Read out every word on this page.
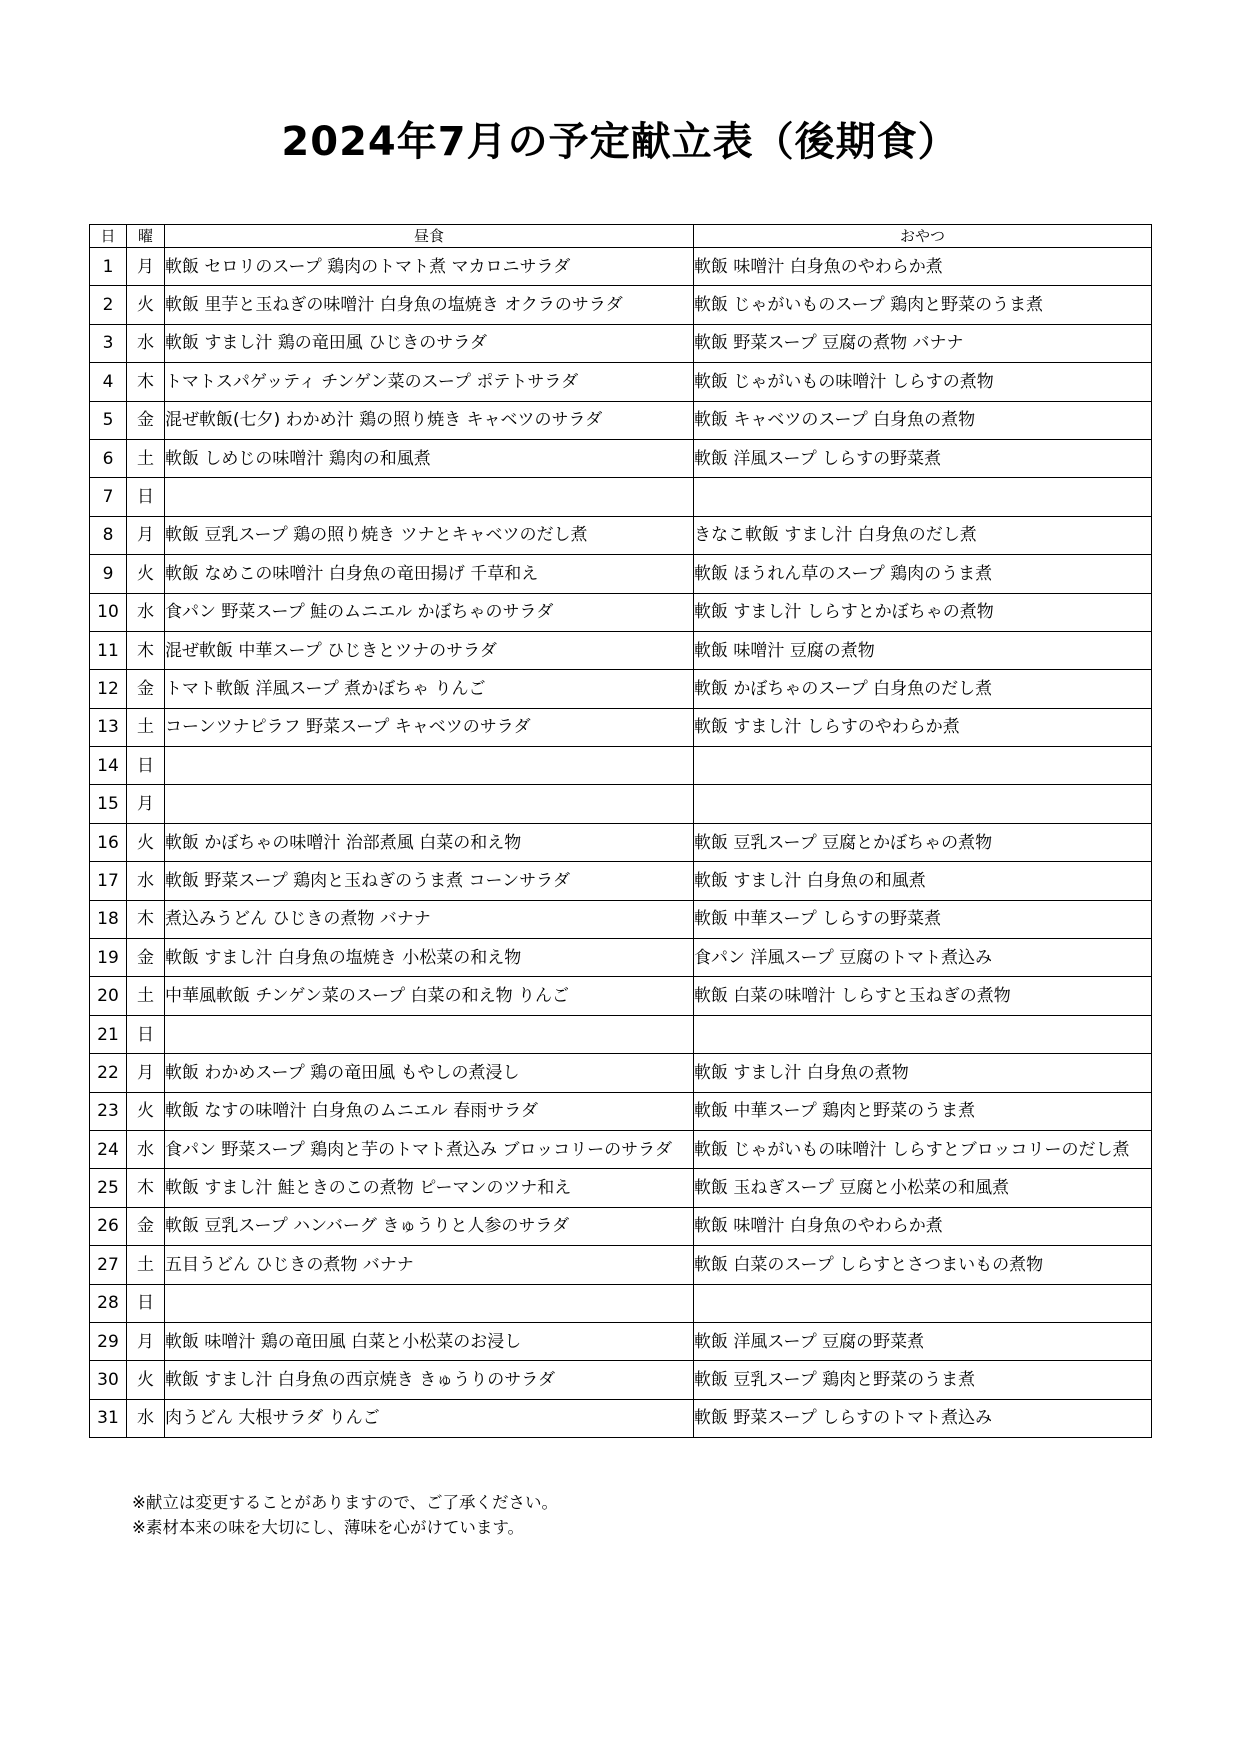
2024年7月の予定献立表（後期食）
日	曜	昼食	おやつ
1	月	軟飯 セロリのスープ 鶏肉のトマト煮 マカロニサラダ	軟飯 味噌汁 白身魚のやわらか煮
2	火	軟飯 里芋と玉ねぎの味噌汁 白身魚の塩焼き オクラのサラダ	軟飯 じゃがいものスープ 鶏肉と野菜のうま煮
3	水	軟飯 すまし汁 鶏の竜田風 ひじきのサラダ	軟飯 野菜スープ 豆腐の煮物 バナナ
4	木	トマトスパゲッティ チンゲン菜のスープ ポテトサラダ	軟飯 じゃがいもの味噌汁 しらすの煮物
5	金	混ぜ軟飯(七夕) わかめ汁 鶏の照り焼き キャベツのサラダ	軟飯 キャベツのスープ 白身魚の煮物
6	土	軟飯 しめじの味噌汁 鶏肉の和風煮	軟飯 洋風スープ しらすの野菜煮
7	日		
8	月	軟飯 豆乳スープ 鶏の照り焼き ツナとキャベツのだし煮	きなこ軟飯 すまし汁 白身魚のだし煮
9	火	軟飯 なめこの味噌汁 白身魚の竜田揚げ 千草和え	軟飯 ほうれん草のスープ 鶏肉のうま煮
10	水	食パン 野菜スープ 鮭のムニエル かぼちゃのサラダ	軟飯 すまし汁 しらすとかぼちゃの煮物
11	木	混ぜ軟飯 中華スープ ひじきとツナのサラダ	軟飯 味噌汁 豆腐の煮物
12	金	トマト軟飯 洋風スープ 煮かぼちゃ りんご	軟飯 かぼちゃのスープ 白身魚のだし煮
13	土	コーンツナピラフ 野菜スープ キャベツのサラダ	軟飯 すまし汁 しらすのやわらか煮
14	日		
15	月		
16	火	軟飯 かぼちゃの味噌汁 治部煮風 白菜の和え物	軟飯 豆乳スープ 豆腐とかぼちゃの煮物
17	水	軟飯 野菜スープ 鶏肉と玉ねぎのうま煮 コーンサラダ	軟飯 すまし汁 白身魚の和風煮
18	木	煮込みうどん ひじきの煮物 バナナ	軟飯 中華スープ しらすの野菜煮
19	金	軟飯 すまし汁 白身魚の塩焼き 小松菜の和え物	食パン 洋風スープ 豆腐のトマト煮込み
20	土	中華風軟飯 チンゲン菜のスープ 白菜の和え物 りんご	軟飯 白菜の味噌汁 しらすと玉ねぎの煮物
21	日		
22	月	軟飯 わかめスープ 鶏の竜田風 もやしの煮浸し	軟飯 すまし汁 白身魚の煮物
23	火	軟飯 なすの味噌汁 白身魚のムニエル 春雨サラダ	軟飯 中華スープ 鶏肉と野菜のうま煮
24	水	食パン 野菜スープ 鶏肉と芋のトマト煮込み ブロッコリーのサラダ	軟飯 じゃがいもの味噌汁 しらすとブロッコリーのだし煮
25	木	軟飯 すまし汁 鮭ときのこの煮物 ピーマンのツナ和え	軟飯 玉ねぎスープ 豆腐と小松菜の和風煮
26	金	軟飯 豆乳スープ ハンバーグ きゅうりと人参のサラダ	軟飯 味噌汁 白身魚のやわらか煮
27	土	五目うどん ひじきの煮物 バナナ	軟飯 白菜のスープ しらすとさつまいもの煮物
28	日		
29	月	軟飯 味噌汁 鶏の竜田風 白菜と小松菜のお浸し	軟飯 洋風スープ 豆腐の野菜煮
30	火	軟飯 すまし汁 白身魚の西京焼き きゅうりのサラダ	軟飯 豆乳スープ 鶏肉と野菜のうま煮
31	水	肉うどん 大根サラダ りんご	軟飯 野菜スープ しらすのトマト煮込み
※献立は変更することがありますので、ご了承ください。
※素材本来の味を大切にし、薄味を心がけています。
